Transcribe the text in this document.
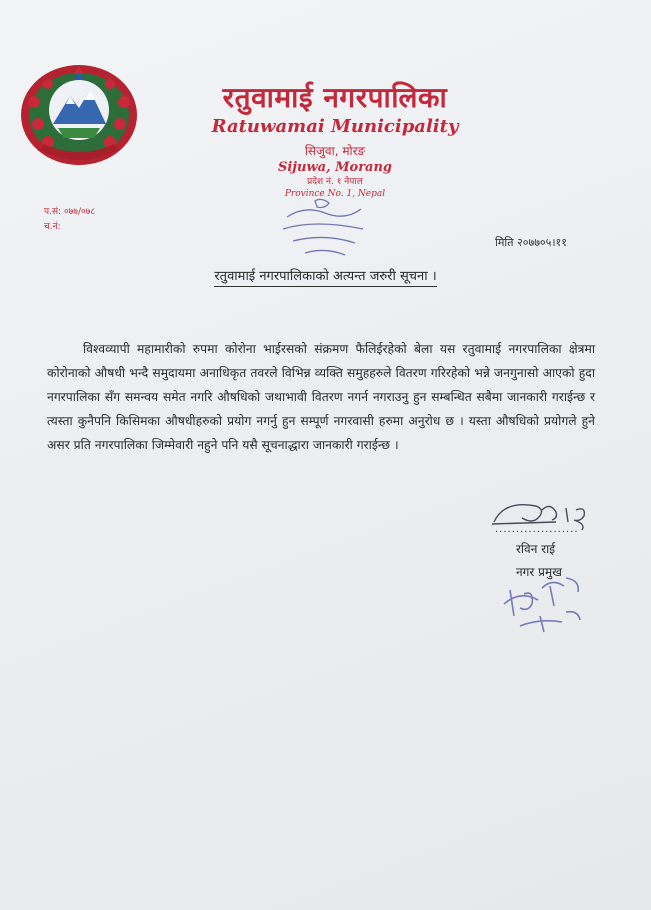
रतुवामाई नगरपालिका
Ratuwamai Municipality
सिजुवा, मोरङ
Sijuwa, Morang
प्रदेश नं. १ नेपाल
Province No. 1, Nepal
प.सं: ०७७/०७८
च.नं:
मिति २०७७०५।११
रतुवामाई नगरपालिकाको अत्यन्त जरुरी सूचना ।

विश्वव्यापी महामारीको रुपमा कोरोना भाईरसको संक्रमण फैलिईरहेको बेला यस रतुवामाई नगरपालिका क्षेत्रमा कोरोनाको औषधी भन्दै समुदायमा अनाधिकृत तवरले विभिन्न व्यक्ति समुहहरुले वितरण गरिरहेको भन्ने जनगुनासो आएको हुदा नगरपालिका सँग समन्वय समेत नगरि औषधिको जथाभावी वितरण नगर्न नगराउनु हुन सम्बन्धित सबैमा जानकारी गराईन्छ र त्यस्ता कुनैपनि किसिमका औषधीहरुको प्रयोग नगर्नु हुन सम्पूर्ण नगरवासी हरुमा अनुरोध छ । यस्ता औषधिको प्रयोगले हुने असर प्रति नगरपालिका जिम्मेवारी नहुने पनि यसै सूचनाद्धारा जानकारी गराईन्छ ।

....................
रविन राई
नगर प्रमुख
